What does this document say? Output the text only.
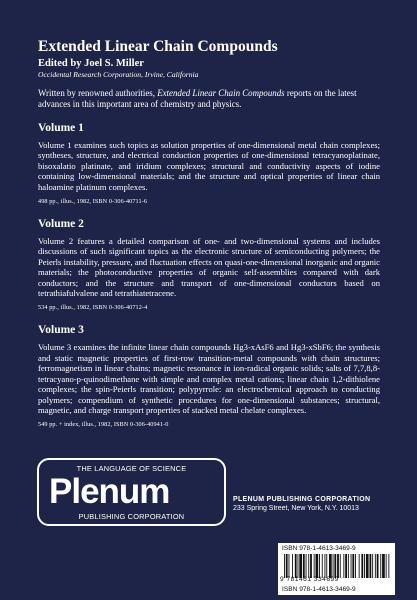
Extended Linear Chain Compounds
Edited by Joel S. Miller
Occidental Research Corporation, Irvine, California
Written by renowned authorities, Extended Linear Chain Compounds reports on the latest advances in this important area of chemistry and physics.
Volume 1
Volume 1 examines such topics as solution properties of one-dimensional metal chain complexes; syntheses, structure, and electrical conduction properties of one-dimensional tetracyanoplatinate, bisoxalatio platinate, and iridium complexes; structural and conductivity aspects of iodine containing low-dimensional materials; and the structure and optical properties of linear chain haloamine platinum complexes.
498 pp., illus., 1982, ISBN 0-306-40711-6
Volume 2
Volume 2 features a detailed comparison of one- and two-dimensional systems and includes discussions of such significant topics as the electronic structure of semiconducting polymers; the Peierls instability, pressure, and fluctuation effects on quasi-one-dimensional inorganic and organic materials; the photoconductive properties of organic self-assemblies compared with dark conductors; and the structure and transport of one-dimensional conductors based on tetrathiafulvalene and tetrathiatetracene.
534 pp., illus., 1982, ISBN 0-306-40712-4
Volume 3
Volume 3 examines the infinite linear chain compounds Hg3-xAsF6 and Hg3-xSbF6; the synthesis and static magnetic properties of first-row transition-metal compounds with chain structures; ferromagnetism in linear chains; magnetic resonance in ion-radical organic solids; salts of 7,7,8,8-tetracyano-p-quinodimethane with simple and complex metal cations; linear chain 1,2-dithiolene complexes; the spin-Peierls transition; polypyrrole: an electrochemical approach to conducting polymers; compendium of synthetic procedures for one-dimensional substances; structural, magnetic, and charge transport properties of stacked metal chelate complexes.
549 pp. + index, illus., 1982, ISBN 0-306-40941-0
THE LANGUAGE OF SCIENCE
Plenum
PUBLISHING CORPORATION
PLENUM PUBLISHING CORPORATION
233 Spring Street, New York, N.Y. 10013
ISBN 978-1-4613-3469-9
9 781461 334699
ISBN 978-1-4613-3469-9
